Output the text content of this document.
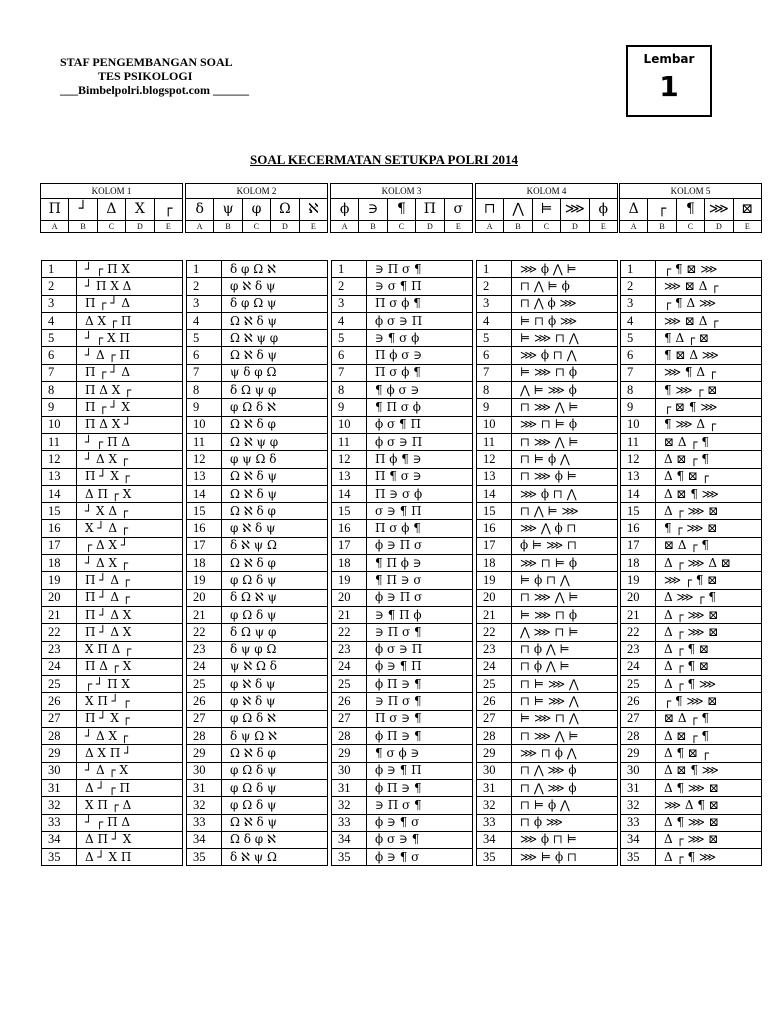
STAF PENGEMBANGAN SOAL
TES PSIKOLOGI
___Bimbelpolri.blogspot.com ______
Lembar
1
SOAL KECERMATAN SETUKPA POLRI 2014
KOLOM 1				
Π	┘	Δ	Χ	┌
A	B	C	D	E
1	┘ ┌ Π Χ
2	┘ Π Χ Δ
3	Π ┌ ┘ Δ
4	Δ Χ ┌ Π
5	┘ ┌ Χ Π
6	┘ Δ ┌ Π
7	Π ┌ ┘ Δ
8	Π Δ Χ ┌
9	Π ┌ ┘ Χ
10	Π Δ Χ ┘
11	┘ ┌ Π Δ
12	┘ Δ Χ ┌
13	Π ┘ Χ ┌
14	Δ Π ┌ Χ
15	┘ Χ Δ ┌
16	Χ ┘ Δ ┌
17	┌ Δ Χ ┘
18	┘ Δ Χ ┌
19	Π ┘ Δ ┌
20	Π ┘ Δ ┌
21	Π ┘ Δ Χ
22	Π ┘ Δ Χ
23	Χ Π Δ ┌
24	Π Δ ┌ Χ
25	┌ ┘ Π Χ
26	Χ Π ┘ ┌
27	Π ┘ Χ ┌
28	┘ Δ Χ ┌
29	Δ Χ Π ┘
30	┘ Δ ┌ Χ
31	Δ ┘ ┌ Π
32	Χ Π ┌ Δ
33	┘ ┌ Π Δ
34	Δ Π ┘ Χ
35	Δ ┘ Χ Π
KOLOM 2				
δ	ψ	φ	Ω	ℵ
A	B	C	D	E
1	δ φ Ω ℵ
2	φ ℵ δ ψ
3	δ φ Ω ψ
4	Ω ℵ δ ψ
5	Ω ℵ ψ φ
6	Ω ℵ δ ψ
7	ψ δ φ Ω
8	δ Ω ψ φ
9	φ Ω δ ℵ
10	Ω ℵ δ φ
11	Ω ℵ ψ φ
12	φ ψ Ω δ
13	Ω ℵ δ ψ
14	Ω ℵ δ ψ
15	Ω ℵ δ φ
16	φ ℵ δ ψ
17	δ ℵ ψ Ω
18	Ω ℵ δ φ
19	φ Ω δ ψ
20	δ Ω ℵ ψ
21	φ Ω δ ψ
22	δ Ω ψ φ
23	δ ψ φ Ω
24	ψ ℵ Ω δ
25	φ ℵ δ ψ
26	φ ℵ δ ψ
27	φ Ω δ ℵ
28	δ ψ Ω ℵ
29	Ω ℵ δ φ
30	φ Ω δ ψ
31	φ Ω δ ψ
32	φ Ω δ ψ
33	Ω ℵ δ ψ
34	Ω δ φ ℵ
35	δ ℵ ψ Ω
KOLOM 3				
ϕ	∋	¶	Π	σ
A	B	C	D	E
1	∋ Π σ ¶
2	∋ σ ¶ Π
3	Π σ ϕ ¶
4	ϕ σ ∋ Π
5	∋ ¶ σ ϕ
6	Π ϕ σ ∋
7	Π σ ϕ ¶
8	¶ ϕ σ ∋
9	¶ Π σ ϕ
10	ϕ σ ¶ Π
11	ϕ σ ∋ Π
12	Π ϕ ¶ ∋
13	Π ¶ σ ∋
14	Π ∋ σ ϕ
15	σ ∋ ¶ Π
16	Π σ ϕ ¶
17	ϕ ∋ Π σ
18	¶ Π ϕ ∋
19	¶ Π ∋ σ
20	ϕ ∋ Π σ
21	∋ ¶ Π ϕ
22	∋ Π σ ¶
23	ϕ σ ∋ Π
24	ϕ ∋ ¶ Π
25	ϕ Π ∋ ¶
26	∋ Π σ ¶
27	Π σ ∋ ¶
28	ϕ Π ∋ ¶
29	¶ σ ϕ ∋
30	ϕ ∋ ¶ Π
31	ϕ Π ∋ ¶
32	∋ Π σ ¶
33	ϕ ∋ ¶ σ
34	ϕ σ ∋ ¶
35	ϕ ∋ ¶ σ
KOLOM 4				
⊓	⋀	⊨	⋙	ϕ
A	B	C	D	E
1	⋙ ϕ ⋀ ⊨
2	⊓ ⋀ ⊨ ϕ
3	⊓ ⋀ ϕ ⋙
4	⊨ ⊓ ϕ ⋙
5	⊨ ⋙ ⊓ ⋀
6	⋙ ϕ ⊓ ⋀
7	⊨ ⋙ ⊓ ϕ
8	⋀ ⊨ ⋙ ϕ
9	⊓ ⋙ ⋀ ⊨
10	⋙ ⊓ ⊨ ϕ
11	⊓ ⋙ ⋀ ⊨
12	⊓ ⊨ ϕ ⋀
13	⊓ ⋙ ϕ ⊨
14	⋙ ϕ ⊓ ⋀
15	⊓ ⋀ ⊨ ⋙
16	⋙ ⋀ ϕ ⊓
17	ϕ ⊨ ⋙ ⊓
18	⋙ ⊓ ⊨ ϕ
19	⊨ ϕ ⊓ ⋀
20	⊓ ⋙ ⋀ ⊨
21	⊨ ⋙ ⊓ ϕ
22	⋀ ⋙ ⊓ ⊨
23	⊓ ϕ ⋀ ⊨
24	⊓ ϕ ⋀ ⊨
25	⊓ ⊨ ⋙ ⋀
26	⊓ ⊨ ⋙ ⋀
27	⊨ ⋙ ⊓ ⋀
28	⊓ ⋙ ⋀ ⊨
29	⋙ ⊓ ϕ ⋀
30	⊓ ⋀ ⋙ ϕ
31	⊓ ⋀ ⋙ ϕ
32	⊓ ⊨ ϕ ⋀
33	⊓ ϕ ⋙
34	⋙ ϕ ⊓ ⊨
35	⋙ ⊨ ϕ ⊓
KOLOM 5				
Δ	┌	¶	⋙	⊠
A	B	C	D	E
1	┌ ¶ ⊠ ⋙
2	⋙ ⊠ Δ ┌
3	┌ ¶ Δ ⋙
4	⋙ ⊠ Δ ┌
5	¶ Δ ┌ ⊠
6	¶ ⊠ Δ ⋙
7	⋙ ¶ Δ ┌
8	¶ ⋙ ┌ ⊠
9	┌ ⊠ ¶ ⋙
10	¶ ⋙ Δ ┌
11	⊠ Δ ┌ ¶
12	Δ ⊠ ┌ ¶
13	Δ ¶ ⊠ ┌
14	Δ ⊠ ¶ ⋙
15	Δ ┌ ⋙ ⊠
16	¶ ┌ ⋙ ⊠
17	⊠ Δ ┌ ¶
18	Δ ┌ ⋙ Δ ⊠
19	⋙ ┌ ¶ ⊠
20	Δ ⋙ ┌ ¶
21	Δ ┌ ⋙ ⊠
22	Δ ┌ ⋙ ⊠
23	Δ ┌ ¶ ⊠
24	Δ ┌ ¶ ⊠
25	Δ ┌ ¶ ⋙
26	┌ ¶ ⋙ ⊠
27	⊠ Δ ┌ ¶
28	Δ ⊠ ┌ ¶
29	Δ ¶ ⊠ ┌
30	Δ ⊠ ¶ ⋙
31	Δ ¶ ⋙ ⊠
32	⋙ Δ ¶ ⊠
33	Δ ¶ ⋙ ⊠
34	Δ ┌ ⋙ ⊠
35	Δ ┌ ¶ ⋙
